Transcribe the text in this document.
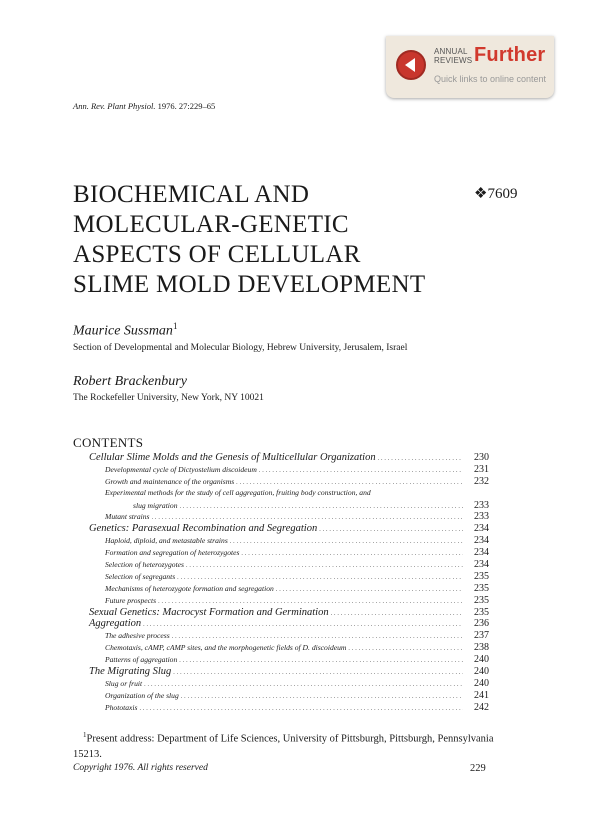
ANNUAL
REVIEWS Further
Quick links to online content
Ann. Rev. Plant Physiol. 1976. 27:229–65
BIOCHEMICAL AND
MOLECULAR-GENETIC
ASPECTS OF CELLULAR
SLIME MOLD DEVELOPMENT
❖7609
Maurice Sussman$^1$
Section of Developmental and Molecular Biology, Hebrew University, Jerusalem, Israel
Robert Brackenbury
The Rockefeller University, New York, NY 10021
CONTENTS
Cellular Slime Molds and the Genesis of Multicellular Organization . . .	230
Developmental cycle of Dictyostelium discoideum . . .	231
Growth and maintenance of the organisms . . .	232
Experimental methods for the study of cell aggregation, fruiting body construction, and
slug migration . . .	233
Mutant strains . . .	233
Genetics: Parasexual Recombination and Segregation . . .	234
Haploid, diploid, and metastable strains . . .	234
Formation and segregation of heterozygotes . . .	234
Selection of heterozygotes . . .	234
Selection of segregants . . .	235
Mechanisms of heterozygote formation and segregation . . .	235
Future prospects . . .	235
Sexual Genetics: Macrocyst Formation and Germination . . .	235
Aggregation . . .	236
The adhesive process . . .	237
Chemotaxis, cAMP, cAMP sites, and the morphogenetic fields of D. discoideum . . .	238
Patterns of aggregation . . .	240
The Migrating Slug . . .	240
Slug or fruit . . .	240
Organization of the slug . . .	241
Phototaxis . . .	242
$^1$Present address: Department of Life Sciences, University of Pittsburgh, Pittsburgh, Pennsylvania 15213.
Copyright 1976. All rights reserved	229
